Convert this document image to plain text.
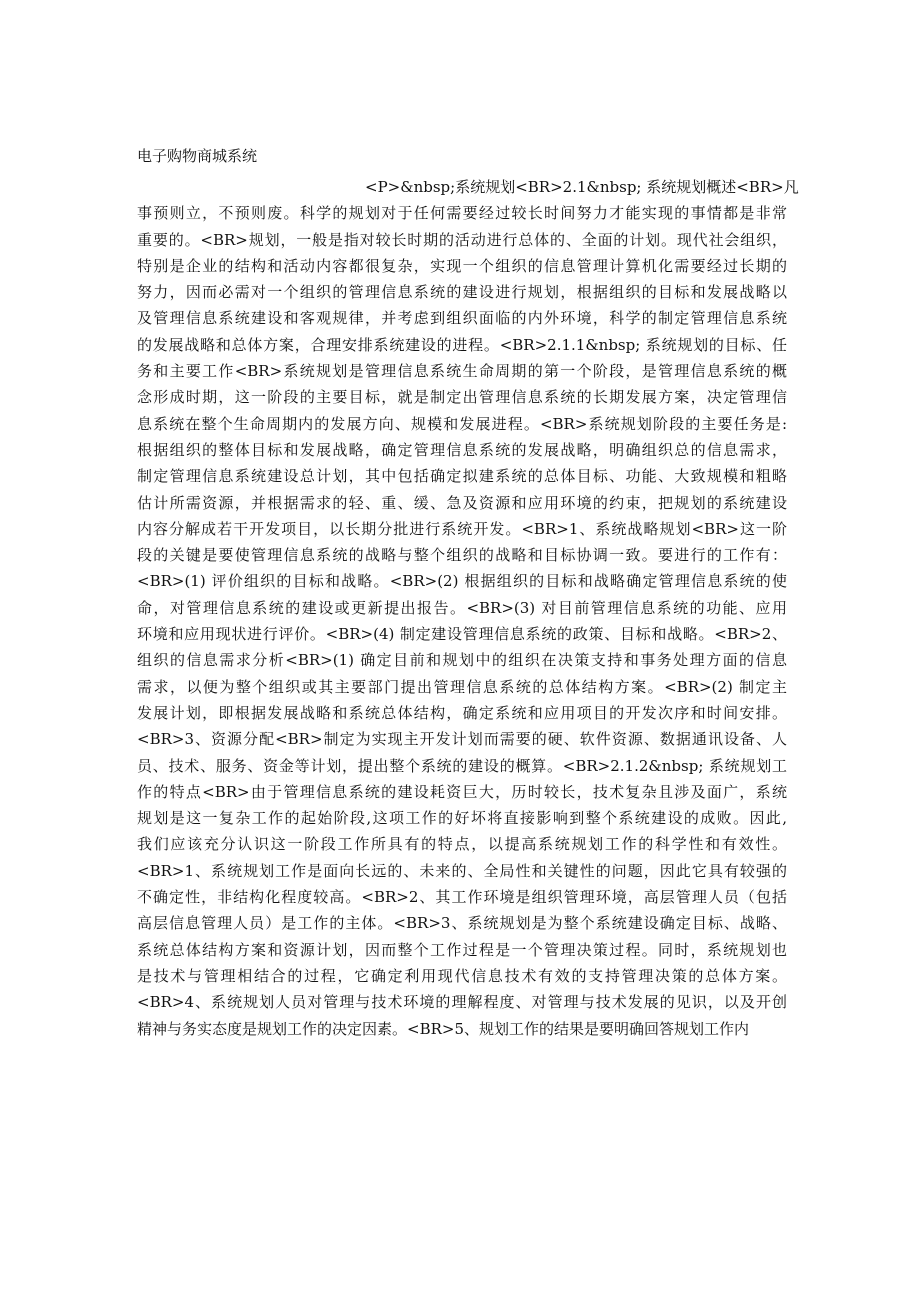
电子购物商城系统
<P>&nbsp;系统规划<BR>2.1&nbsp; 系统规划概述<BR>凡
事预则立，不预则废。科学的规划对于任何需要经过较长时间努力才能实现的事情都是非常
重要的。<BR>规划，一般是指对较长时期的活动进行总体的、全面的计划。现代社会组织，
特别是企业的结构和活动内容都很复杂，实现一个组织的信息管理计算机化需要经过长期的
努力，因而必需对一个组织的管理信息系统的建设进行规划，根据组织的目标和发展战略以
及管理信息系统建设和客观规律，并考虑到组织面临的内外环境，科学的制定管理信息系统
的发展战略和总体方案，合理安排系统建设的进程。<BR>2.1.1&nbsp; 系统规划的目标、任
务和主要工作<BR>系统规划是管理信息系统生命周期的第一个阶段，是管理信息系统的概
念形成时期，这一阶段的主要目标，就是制定出管理信息系统的长期发展方案，决定管理信
息系统在整个生命周期内的发展方向、规模和发展进程。<BR>系统规划阶段的主要任务是:
根据组织的整体目标和发展战略，确定管理信息系统的发展战略，明确组织总的信息需求，
制定管理信息系统建设总计划，其中包括确定拟建系统的总体目标、功能、大致规模和粗略
估计所需资源，并根据需求的轻、重、缓、急及资源和应用环境的约束，把规划的系统建设
内容分解成若干开发项目，以长期分批进行系统开发。<BR>1、系统战略规划<BR>这一阶
段的关键是要使管理信息系统的战略与整个组织的战略和目标协调一致。要进行的工作有：
<BR>(1) 评价组织的目标和战略。<BR>(2) 根据组织的目标和战略确定管理信息系统的使
命，对管理信息系统的建设或更新提出报告。<BR>(3) 对目前管理信息系统的功能、应用
环境和应用现状进行评价。<BR>(4) 制定建设管理信息系统的政策、目标和战略。<BR>2、
组织的信息需求分析<BR>(1) 确定目前和规划中的组织在决策支持和事务处理方面的信息
需求，以便为整个组织或其主要部门提出管理信息系统的总体结构方案。<BR>(2) 制定主
发展计划，即根据发展战略和系统总体结构，确定系统和应用项目的开发次序和时间安排。
<BR>3、资源分配<BR>制定为实现主开发计划而需要的硬、软件资源、数据通讯设备、人
员、技术、服务、资金等计划，提出整个系统的建设的概算。<BR>2.1.2&nbsp; 系统规划工
作的特点<BR>由于管理信息系统的建设耗资巨大，历时较长，技术复杂且涉及面广，系统
规划是这一复杂工作的起始阶段,这项工作的好坏将直接影响到整个系统建设的成败。因此,
我们应该充分认识这一阶段工作所具有的特点，以提高系统规划工作的科学性和有效性。
<BR>1、系统规划工作是面向长远的、未来的、全局性和关键性的问题，因此它具有较强的
不确定性，非结构化程度较高。<BR>2、其工作环境是组织管理环境，高层管理人员（包括
高层信息管理人员）是工作的主体。<BR>3、系统规划是为整个系统建设确定目标、战略、
系统总体结构方案和资源计划，因而整个工作过程是一个管理决策过程。同时，系统规划也
是技术与管理相结合的过程，它确定利用现代信息技术有效的支持管理决策的总体方案。
<BR>4、系统规划人员对管理与技术环境的理解程度、对管理与技术发展的见识，以及开创
精神与务实态度是规划工作的决定因素。<BR>5、规划工作的结果是要明确回答规划工作内
